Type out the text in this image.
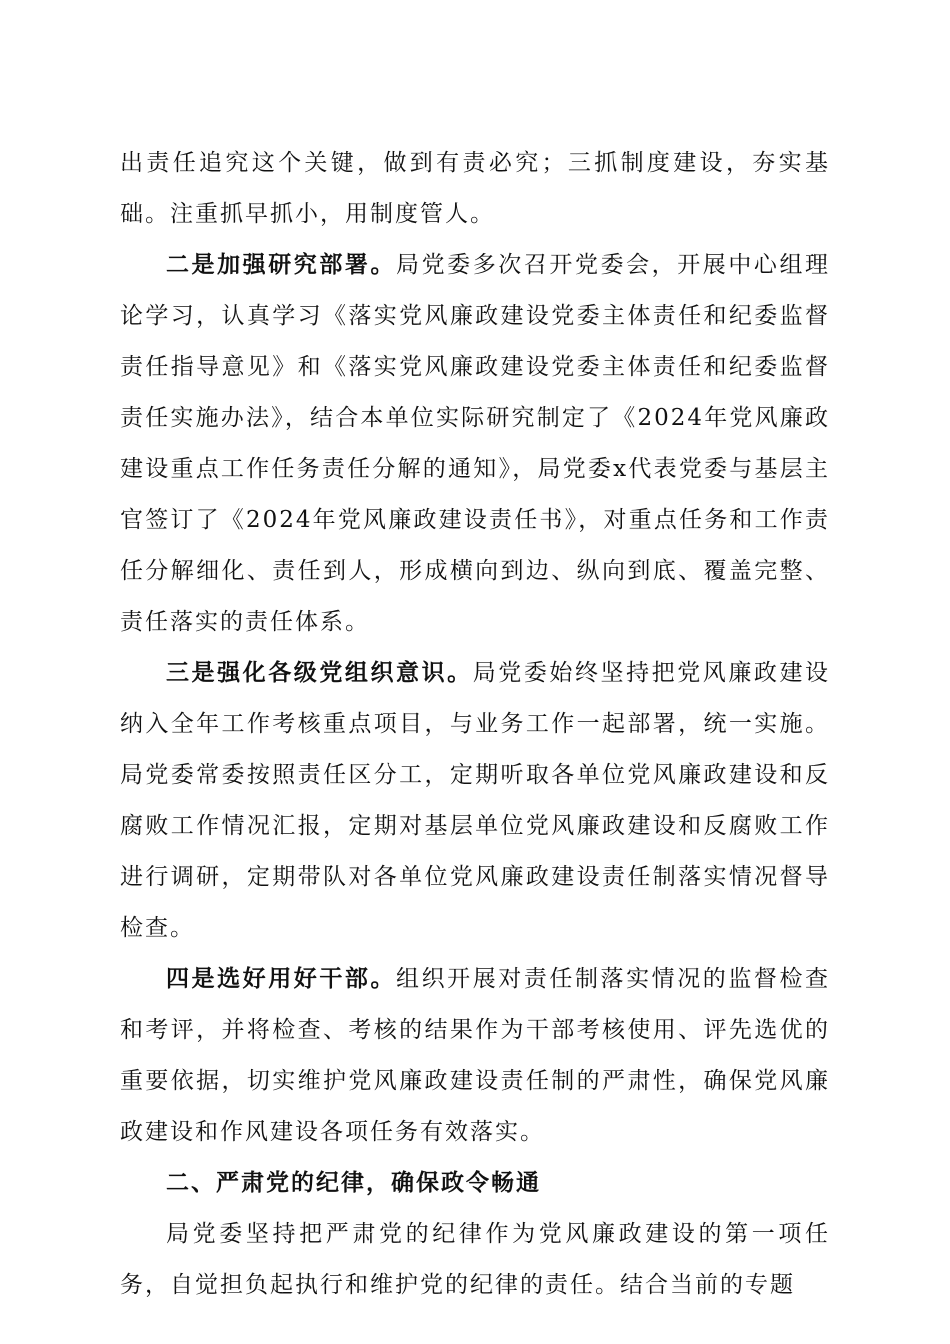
出责任追究这个关键，做到有责必究；三抓制度建设，夯实基础。注重抓早抓小，用制度管人。

二是加强研究部署。局党委多次召开党委会，开展中心组理论学习，认真学习《落实党风廉政建设党委主体责任和纪委监督责任指导意见》和《落实党风廉政建设党委主体责任和纪委监督责任实施办法》，结合本单位实际研究制定了《2024年党风廉政建设重点工作任务责任分解的通知》，局党委x代表党委与基层主官签订了《2024年党风廉政建设责任书》，对重点任务和工作责任分解细化、责任到人，形成横向到边、纵向到底、覆盖完整、责任落实的责任体系。

三是强化各级党组织意识。局党委始终坚持把党风廉政建设纳入全年工作考核重点项目，与业务工作一起部署，统一实施。局党委常委按照责任区分工，定期听取各单位党风廉政建设和反腐败工作情况汇报，定期对基层单位党风廉政建设和反腐败工作进行调研，定期带队对各单位党风廉政建设责任制落实情况督导检查。

四是选好用好干部。组织开展对责任制落实情况的监督检查和考评，并将检查、考核的结果作为干部考核使用、评先选优的重要依据，切实维护党风廉政建设责任制的严肃性，确保党风廉政建设和作风建设各项任务有效落实。

二、严肃党的纪律，确保政令畅通

局党委坚持把严肃党的纪律作为党风廉政建设的第一项任务，自觉担负起执行和维护党的纪律的责任。结合当前的专题
